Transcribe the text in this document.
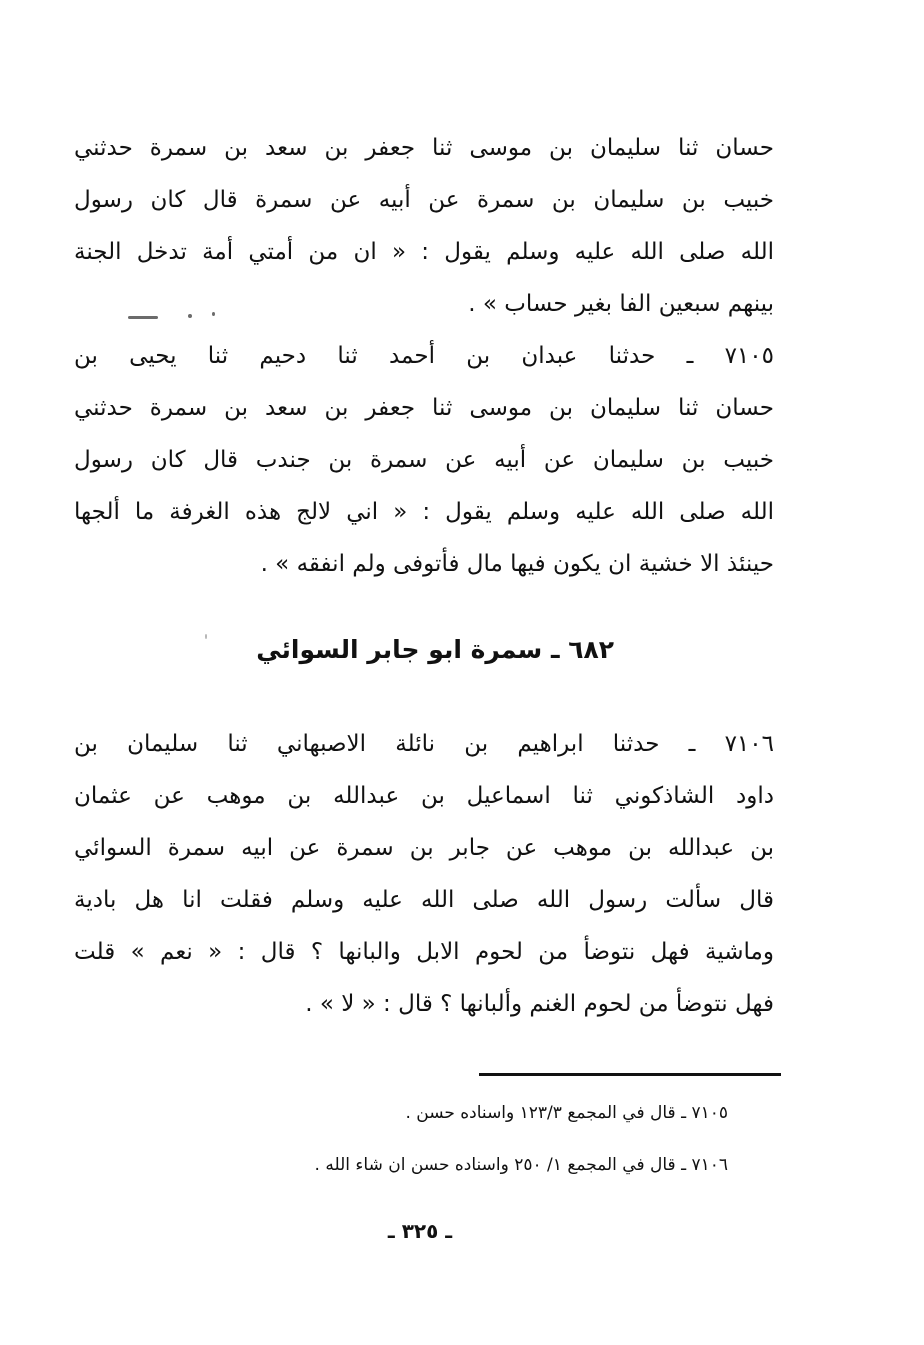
حسان ثنا سليمان بن موسى ثنا جعفر بن سعد بن سمرة حدثني
خبيب بن سليمان بن سمرة عن أبيه عن سمرة قال كان رسول
الله صلى الله عليه وسلم يقول : « ان من أمتي أمة تدخل الجنة
بينهم سبعين الفا بغير حساب » .
٧١٠٥ ـ حدثنا عبدان بن أحمد ثنا دحيم ثنا يحيى بن
حسان ثنا سليمان بن موسى ثنا جعفر بن سعد بن سمرة حدثني
خبيب بن سليمان عن أبيه عن سمرة بن جندب قال كان رسول
الله صلى الله عليه وسلم يقول : « اني لالج هذه الغرفة ما ألجها
حينئذ الا خشية ان يكون فيها مال فأتوفى ولم انفقه » .
٦٨٢ ـ سمرة ابو جابر السوائي
٧١٠٦ ـ حدثنا ابراهيم بن نائلة الاصبهاني ثنا سليمان بن
داود الشاذكوني ثنا اسماعيل بن عبدالله بن موهب عن عثمان
بن عبدالله بن موهب عن جابر بن سمرة عن ابيه سمرة السوائي
قال سألت رسول الله صلى الله عليه وسلم فقلت انا هل بادية
وماشية فهل نتوضأ من لحوم الابل والبانها ؟ قال : « نعم » قلت
فهل نتوضأ من لحوم الغنم وألبانها ؟ قال : « لا » .
٧١٠٥ ـ قال في المجمع ١٢٣/٣ واسناده حسن .
٧١٠٦ ـ قال في المجمع ١/ ٢٥٠ واسناده حسن ان شاء الله .
ـ ٣٢٥ ـ
